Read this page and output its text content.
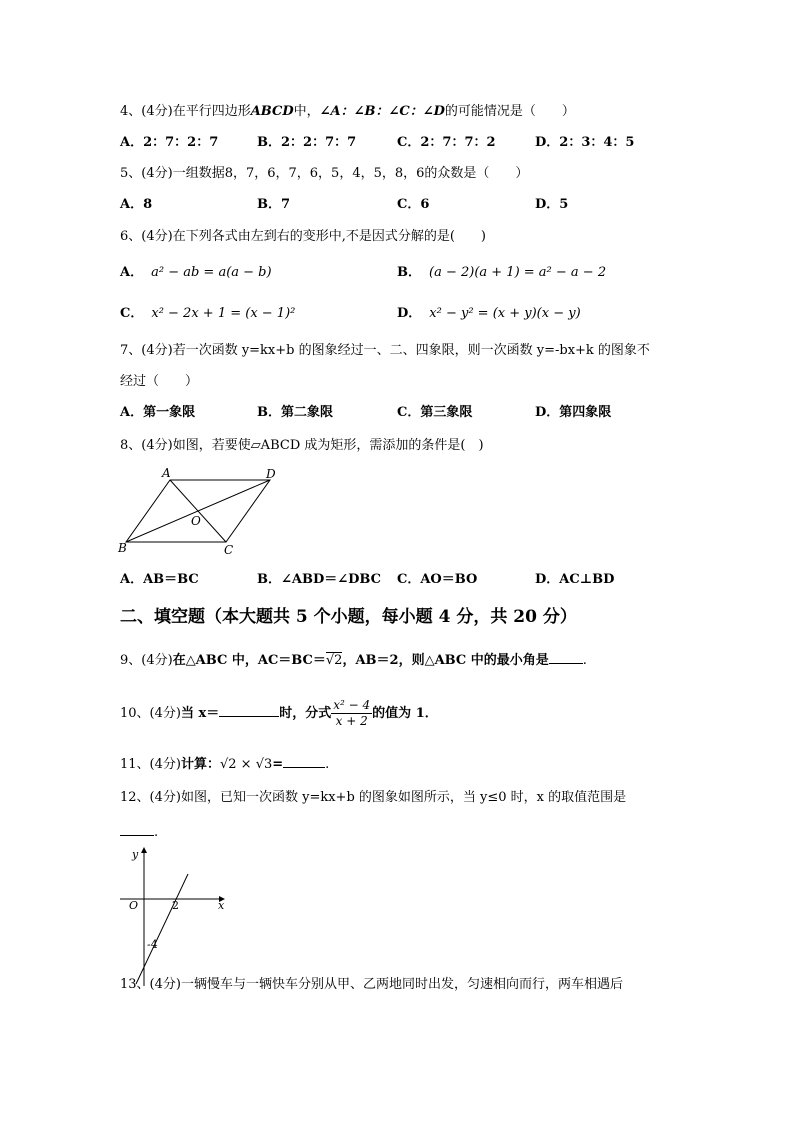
4、(4分)在平行四边形ABCD中，∠A：∠B：∠C：∠D的可能情况是（　　）
A．2：7：2：7	B．2：2：7：7	C．2：7：7：2	D．2：3：4：5
5、(4分)一组数据8，7，6，7，6，5，4，5，8，6的众数是（　　）
A．8	B．7	C．6	D．5
6、(4分)在下列各式由左到右的变形中,不是因式分解的是(　　)
A． a² − ab = a(a − b)	B． (a − 2)(a + 1) = a² − a − 2
C． x² − 2x + 1 = (x − 1)²	D． x² − y² = (x + y)(x − y)
7、(4分)若一次函数 y=kx+b 的图象经过一、二、四象限，则一次函数 y=-bx+k 的图象不
经过（　　）
A．第一象限	B．第二象限	C．第三象限	D．第四象限
8、(4分)如图，若要使▱ABCD 成为矩形，需添加的条件是(　)
A	D
B	C
O
A．AB＝BC	B．∠ABD＝∠DBC C．AO＝BO	D．AC⊥BD
二、填空题（本大题共 5 个小题，每小题 4 分，共 20 分）
9、(4分)在△ABC 中，AC＝BC＝√2，AB＝2，则△ABC 中的最小角是	.
10、(4分)当 x＝	时，分式 $\frac{\text{x² − 4}}{x + 2}$ 的值为 1．
11、(4分)计算：√2 × √3=	.
12、(4分)如图，已知一次函数 y=kx+b 的图象如图所示，当 y≤0 时，x 的取值范围是
.
y
x
O	2
-4
13、(4分)一辆慢车与一辆快车分别从甲、乙两地同时出发，匀速相向而行，两车相遇后
